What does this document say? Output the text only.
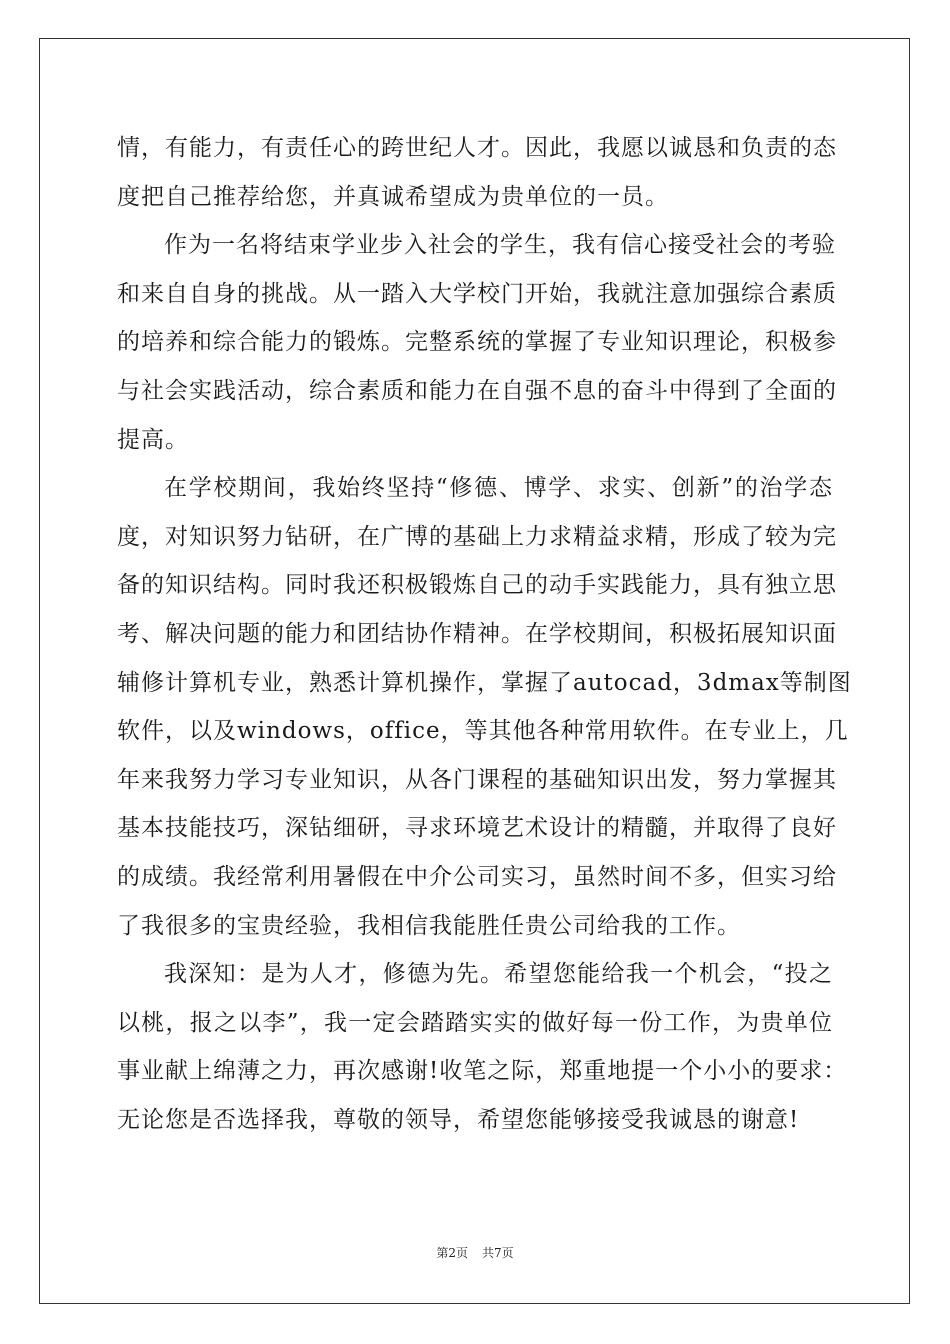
情，有能力，有责任心的跨世纪人才。因此，我愿以诚恳和负责的态
度把自己推荐给您，并真诚希望成为贵单位的一员。
作为一名将结束学业步入社会的学生，我有信心接受社会的考验
和来自自身的挑战。从一踏入大学校门开始，我就注意加强综合素质
的培养和综合能力的锻炼。完整系统的掌握了专业知识理论，积极参
与社会实践活动，综合素质和能力在自强不息的奋斗中得到了全面的
提高。
在学校期间，我始终坚持“修德、博学、求实、创新”的治学态
度，对知识努力钻研，在广博的基础上力求精益求精，形成了较为完
备的知识结构。同时我还积极锻炼自己的动手实践能力，具有独立思
考、解决问题的能力和团结协作精神。在学校期间，积极拓展知识面
辅修计算机专业，熟悉计算机操作，掌握了autocad，3dmax等制图
软件，以及windows，office，等其他各种常用软件。在专业上，几
年来我努力学习专业知识，从各门课程的基础知识出发，努力掌握其
基本技能技巧，深钻细研，寻求环境艺术设计的精髓，并取得了良好
的成绩。我经常利用暑假在中介公司实习，虽然时间不多，但实习给
了我很多的宝贵经验，我相信我能胜任贵公司给我的工作。
我深知：是为人才，修德为先。希望您能给我一个机会，“投之
以桃，报之以李”，我一定会踏踏实实的做好每一份工作，为贵单位
事业献上绵薄之力，再次感谢!收笔之际，郑重地提一个小小的要求：
无论您是否选择我，尊敬的领导，希望您能够接受我诚恳的谢意!
第2页 共7页
